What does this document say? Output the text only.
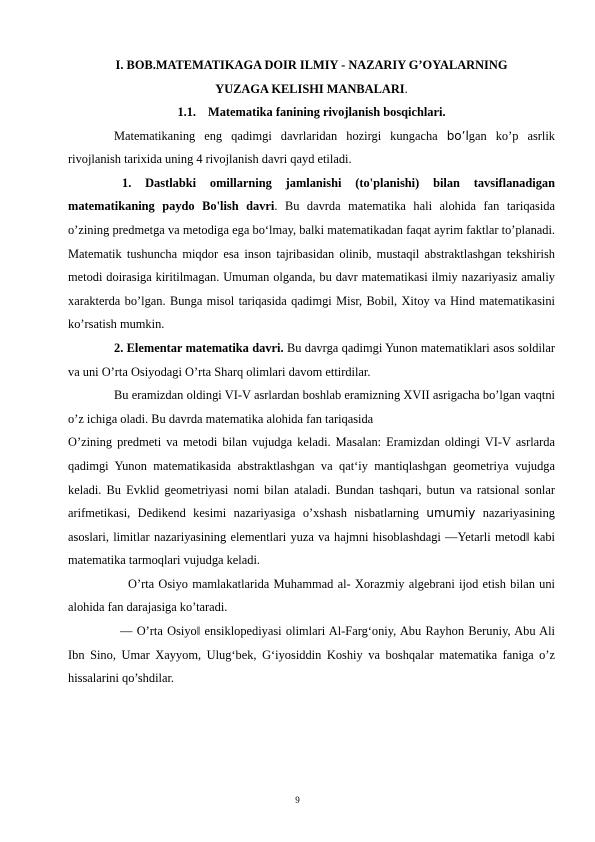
I. BOB.MATEMATIKAGA DOIR ILMIY - NAZARIY G’OYALARNING
YUZAGA KELISHI MANBALARI.
1.1. Matematika fanining rivojlanish bosqichlari.

Matematikaning eng qadimgi davrlaridan hozirgi kungacha bo’lgan ko’p asrlik rivojlanish tarixida uning 4 rivojlanish davri qayd etiladi.

1. Dastlabki omillarning jamlanishi (to'planishi) bilan tavsiflanadigan matematikaning paydo Bo'lish davri. Bu davrda matematika hali alohida fan tariqasida o’zining predmetga va metodiga ega bo‘lmay, balki matematikadan faqat ayrim faktlar to’planadi. Matematik tushuncha miqdor esa inson tajribasidan olinib, mustaqil abstraktlashgan tekshirish metodi doirasiga kiritilmagan. Umuman olganda, bu davr matematikasi ilmiy nazariyasiz amaliy xarakterda bo’lgan. Bunga misol tariqasida qadimgi Misr, Bobil, Xitoy va Hind matematikasini ko’rsatish mumkin.

2. Elementar matematika davri. Bu davrga qadimgi Yunon matematiklari asos soldilar va uni O’rta Osiyodagi O’rta Sharq olimlari davom ettirdilar.

Bu eramizdan oldingi VI-V asrlardan boshlab eramizning XVII asrigacha bo’lgan vaqtni o’z ichiga oladi. Bu davrda matematika alohida fan tariqasida

O’zining predmeti va metodi bilan vujudga keladi. Masalan: Eramizdan oldingi VI-V asrlarda qadimgi Yunon matematikasida abstraktlashgan va qat‘iy mantiqlashgan geometriya vujudga keladi. Bu Evklid geometriyasi nomi bilan ataladi. Bundan tashqari, butun va ratsional sonlar arifmetikasi, Dedikend kesimi nazariyasiga o’xshash nisbatlarning umumiy nazariyasining asoslari, limitlar nazariyasining elementlari yuza va hajmni hisoblashdagi ―Yetarli metod‖ kabi matematika tarmoqlari vujudga keladi.

O’rta Osiyo mamlakatlarida Muhammad al- Xorazmiy algebrani ijod etish bilan uni alohida fan darajasiga ko’taradi.

― O’rta Osiyo‖ ensiklopediyasi olimlari Al-Farg‘oniy, Abu Rayhon Beruniy, Abu Ali Ibn Sino, Umar Xayyom, Ulug‘bek, G‘iyosiddin Koshiy va boshqalar matematika faniga o’z hissalarini qo’shdilar.

9
